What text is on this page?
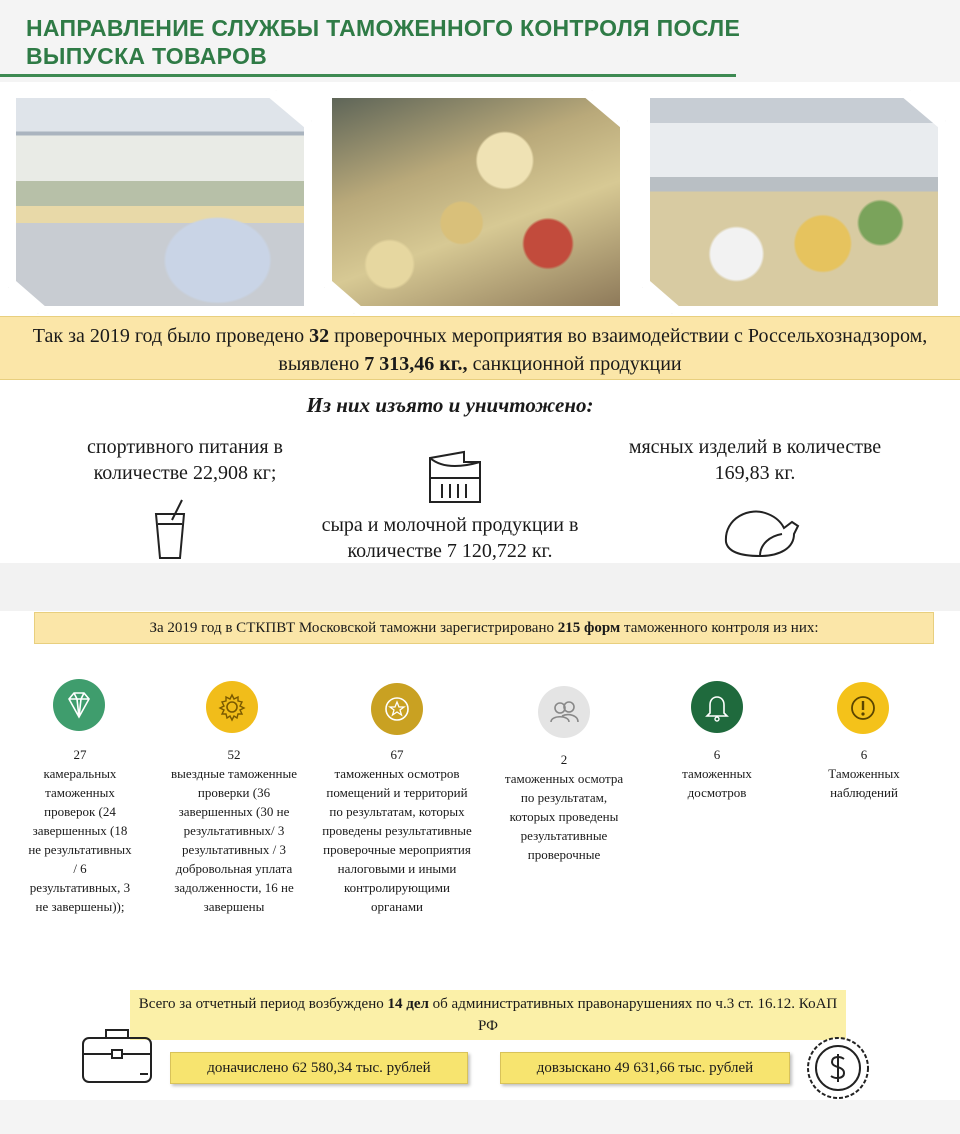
НАПРАВЛЕНИЕ СЛУЖБЫ ТАМОЖЕННОГО КОНТРОЛЯ ПОСЛЕ ВЫПУСКА ТОВАРОВ
Так за 2019 год было проведено 32 проверочных мероприятия во взаимодействии с Россельхознадзором, выявлено 7 313,46 кг., санкционной продукции
Из них изъято и уничтожено:
спортивного питания в количестве 22,908 кг;
мясных изделий в количестве 169,83 кг.
сыра и молочной продукции в количестве 7 120,722 кг.
За 2019 год в СТКПВТ Московской таможни зарегистрировано 215 форм таможенного контроля из них:
27
камеральных таможенных проверок (24 завершенных (18 не результативных / 6 результативных, 3 не завершены));
52
выездные таможенные проверки (36 завершенных (30 не результативных/ 3 результативных / 3 добровольная уплата задолженности, 16 не завершены
67
таможенных осмотров помещений и территорий по результатам, которых проведены результативные проверочные мероприятия налоговыми и иными контролирующими органами
2
таможенных осмотра по результатам, которых проведены результативные проверочные
6
таможенных досмотров
6
Таможенных наблюдений
Всего за отчетный период возбуждено 14 дел об административных правонарушениях по ч.3 ст. 16.12. КоАП РФ
доначислено 62 580,34 тыс. рублей	довзыскано 49 631,66 тыс. рублей
